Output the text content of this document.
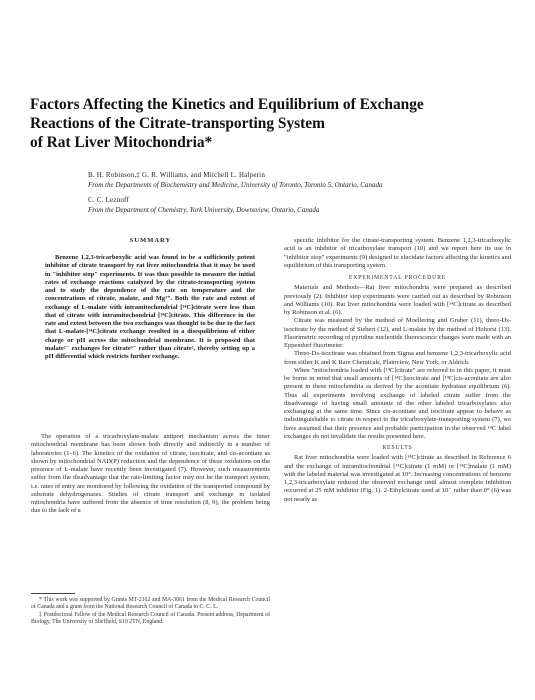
Factors Affecting the Kinetics and Equilibrium of Exchange
Reactions of the Citrate-transporting System
of Rat Liver Mitochondria*
B. H. Robinson,‡ G. R. Williams, and Mitchell L. Halperin
From the Departments of Biochemistry and Medicine, University of Toronto, Toronto 5, Ontario, Canada
C. C. Leznoff
From the Department of Chemistry, York University, Downsview, Ontario, Canada
SUMMARY

Benzene 1,2,3-tricarboxylic acid was found to be a sufficiently potent inhibitor of citrate transport by rat liver mitochondria that it may be used in "inhibitor stop" experiments. It was thus possible to measure the initial rates of exchange reactions catalyzed by the citrate-transporting system and to study the dependence of the rate on temperature and the concentrations of citrate, malate, and Mg²⁺. Both the rate and extent of exchange of L-malate with intramitochondrial [¹⁴C]citrate were less than that of citrate with intramitochondrial [¹⁴C]citrate. This difference in the rate and extent between the two exchanges was thought to be due to the fact that L-malate-[¹⁴C]citrate exchange resulted in a disequilibrium of either charge or pH across the mitochondrial membrane. It is proposed that malate²⁻ exchanges for citrate³⁻ rather than citrate², thereby setting up a pH differential which restricts further exchange.

The operation of a tricarboxylate-malate antiport mechanism across the inner mitochondrial membrane has been shown both directly and indirectly in a number of laboratories (1–6). The kinetics of the oxidation of citrate, isocitrate, and cis-aconitate as shown by mitochondrial NAD(P) reduction and the dependence of these oxidations on the presence of L-malate have recently been investigated (7). However, such measurements suffer from the disadvantage that the rate-limiting factor may not be the transport system; i.e. rates of entry are monitored by following the oxidation of the transported compound by substrate dehydrogenases. Studies of citrate transport and exchange in isolated mitochondria have suffered from the absence of time resolution (8, 9), the problem being due to the lack of a

* This work was supported by Grants MT-2162 and MA-3061 from the Medical Research Council of Canada and a grant from the National Research Council of Canada to C. C. L.

‡ Postdoctoral Fellow of the Medical Research Council of Canada. Present address, Department of Biology, The University of Sheffield, S10 2TN, England.

specific inhibitor for the citrate-transporting system. Benzene 1,2,3-tricarboxylic acid is an inhibitor of tricarboxylate transport (10) and we report here its use in "inhibitor stop" experiments (9) designed to elucidate factors affecting the kinetics and equilibrium of this transporting system.

EXPERIMENTAL PROCEDURE

Materials and Methods—Rat liver mitochondria were prepared as described previously (2). Inhibitor stop experiments were carried out as described by Robinson and Williams (10). Rat liver mitochondria were loaded with [¹⁴C]citrate as described by Robinson et al. (6).

Citrate was measured by the method of Moellering and Gruber (11), threo-Ds-isocitrate by the method of Siebert (12), and L-malate by the method of Hohorst (13). Fluorimetric recording of pyridine nucleotide fluorescence changes were made with an Eppendorf fluorimeter.

Threo-Ds-isocitrate was obtained from Sigma and benzene 1,2,3-tricarboxylic acid from either K and K Rare Chemicals, Plainview, New York, or Aldrich.

When "mitochondria loaded with [¹⁴C]citrate" are referred to in this paper, it must be borne in mind that small amounts of [¹⁴C]isocitrate and [¹⁴C]cis-aconitate are also present in these mitochondria as derived by the aconitate hydratase equilibrium (6). Thus all experiments involving exchange of labeled citrate suffer from the disadvantage of having small amounts of the other labeled tricarboxylates also exchanging at the same time. Since cis-aconitate and isocitrate appear to behave as indistinguishable to citrate in respect to the tricarboxylate-transporting system (7), we have assumed that their presence and probable participation in the observed ¹⁴C label exchanges do not invalidate the results presented here.

RESULTS

Rat liver mitochondria were loaded with [¹⁴C]citrate as described in Reference 6 and the exchange of intramitochondrial [¹⁴C]citrate (1 mM) or [¹⁴C]malate (1 mM) with the labeled material was investigated at 10°. Increasing concentrations of benzene 1,2,3-tricarboxylate reduced the observed exchange until almost complete inhibition occurred at 25 mM inhibitor (Fig. 1). 2-Ethylcitrate used at 10⁻ rather than 0° (6) was not nearly as
